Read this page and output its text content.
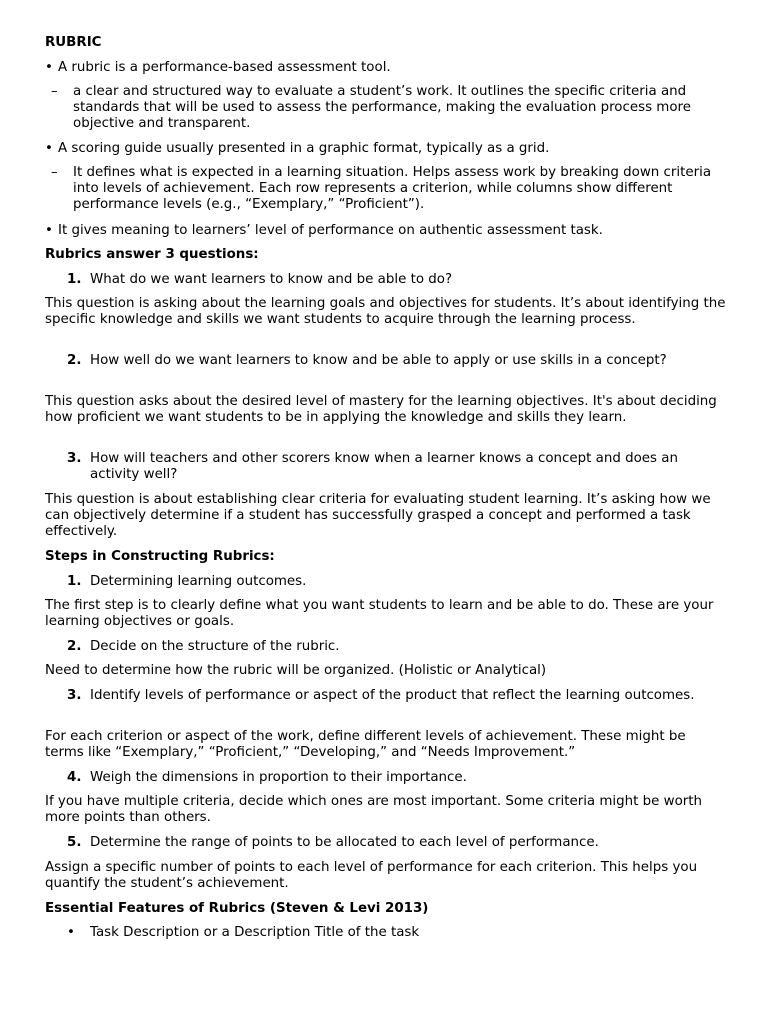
RUBRIC
• A rubric is a performance-based assessment tool.
–	a clear and structured way to evaluate a student’s work. It outlines the specific criteria and standards that will be used to assess the performance, making the evaluation process more objective and transparent.
• A scoring guide usually presented in a graphic format, typically as a grid.
–	It defines what is expected in a learning situation. Helps assess work by breaking down criteria into levels of achievement. Each row represents a criterion, while columns show different performance levels (e.g., “Exemplary,” “Proficient”).
• It gives meaning to learners’ level of performance on authentic assessment task.
Rubrics answer 3 questions:
1. What do we want learners to know and be able to do?
This question is asking about the learning goals and objectives for students. It’s about identifying the specific knowledge and skills we want students to acquire through the learning process.
2. How well do we want learners to know and be able to apply or use skills in a concept?
This question asks about the desired level of mastery for the learning objectives. It's about deciding how proficient we want students to be in applying the knowledge and skills they learn.
3. How will teachers and other scorers know when a learner knows a concept and does an activity well?
This question is about establishing clear criteria for evaluating student learning. It’s asking how we can objectively determine if a student has successfully grasped a concept and performed a task effectively.
Steps in Constructing Rubrics:
1. Determining learning outcomes.
The first step is to clearly define what you want students to learn and be able to do. These are your learning objectives or goals.
2. Decide on the structure of the rubric.
Need to determine how the rubric will be organized. (Holistic or Analytical)
3. Identify levels of performance or aspect of the product that reflect the learning outcomes.
For each criterion or aspect of the work, define different levels of achievement. These might be terms like “Exemplary,” “Proficient,” “Developing,” and “Needs Improvement.”
4. Weigh the dimensions in proportion to their importance.
If you have multiple criteria, decide which ones are most important. Some criteria might be worth more points than others.
5. Determine the range of points to be allocated to each level of performance.
Assign a specific number of points to each level of performance for each criterion. This helps you quantify the student’s achievement.
Essential Features of Rubrics (Steven & Levi 2013)
•	Task Description or a Description Title of the task
